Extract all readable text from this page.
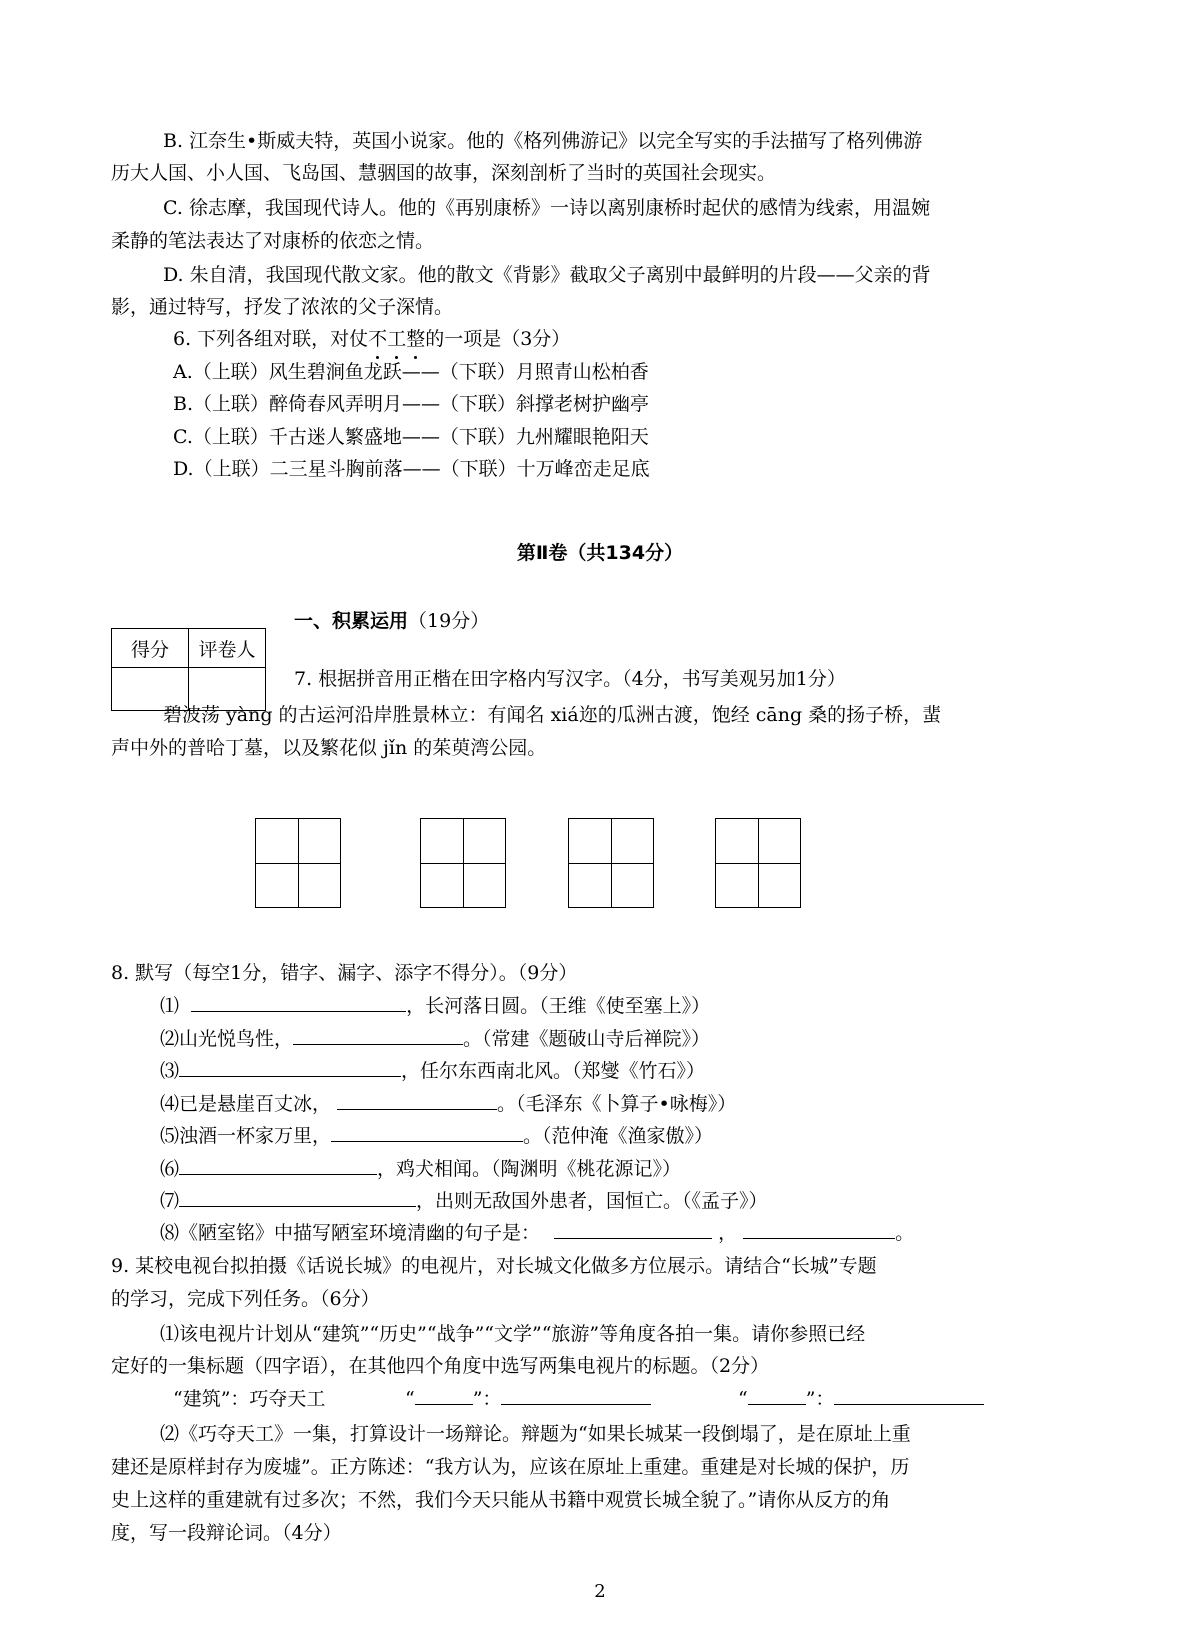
B. 江奈生•斯威夫特，英国小说家。他的《格列佛游记》以完全写实的手法描写了格列佛游
历大人国、小人国、飞岛国、慧骃国的故事，深刻剖析了当时的英国社会现实。
C. 徐志摩，我国现代诗人。他的《再别康桥》一诗以离别康桥时起伏的感情为线索，用温婉
柔静的笔法表达了对康桥的依恋之情。
D. 朱自清，我国现代散文家。他的散文《背影》截取父子离别中最鲜明的片段——父亲的背
影，通过特写，抒发了浓浓的父子深情。
6. 下列各组对联，对仗不工整的一项是（3分）
A.（上联）风生碧涧鱼龙跃——（下联）月照青山松柏香
B.（上联）醉倚春风弄明月——（下联）斜撑老树护幽亭
C.（上联）千古迷人繁盛地——（下联）九州耀眼艳阳天
D.（上联）二三星斗胸前落——（下联）十万峰峦走足底
第Ⅱ卷（共134分）
得分	评卷人

一、积累运用（19分）
7. 根据拼音用正楷在田字格内写汉字。（4分，书写美观另加1分）
碧波荡 yàng 的古运河沿岸胜景林立：有闻名 xiá迩的瓜洲古渡，饱经 cāng 桑的扬子桥，蜚
声中外的普哈丁墓，以及繁花似 jǐn 的茱萸湾公园。
8. 默写（每空1分，错字、漏字、添字不得分）。（9分）
⑴	，长河落日圆。（王维《使至塞上》）
⑵山光悦鸟性，	。（常建《题破山寺后禅院》）
⑶	，任尔东西南北风。（郑燮《竹石》）
⑷已是悬崖百丈冰，	。（毛泽东《卜算子•咏梅》）
⑸浊酒一杯家万里，	。（范仲淹《渔家傲》）
⑹	，鸡犬相闻。（陶渊明《桃花源记》）
⑺	，出则无敌国外患者，国恒亡。（《孟子》）
⑻《陋室铭》中描写陋室环境清幽的句子是：	，	。
9. 某校电视台拟拍摄《话说长城》的电视片，对长城文化做多方位展示。请结合“长城”专题
的学习，完成下列任务。（6分）
⑴该电视片计划从“建筑”“历史”“战争”“文学”“旅游”等角度各拍一集。请你参照已经
定好的一集标题（四字语），在其他四个角度中选写两集电视片的标题。（2分）
“建筑”：巧夺天工	“	”：	“	”：
⑵《巧夺天工》一集，打算设计一场辩论。辩题为“如果长城某一段倒塌了，是在原址上重
建还是原样封存为废墟”。正方陈述：“我方认为，应该在原址上重建。重建是对长城的保护，历
史上这样的重建就有过多次；不然，我们今天只能从书籍中观赏长城全貌了。”请你从反方的角
度，写一段辩论词。（4分）
2
